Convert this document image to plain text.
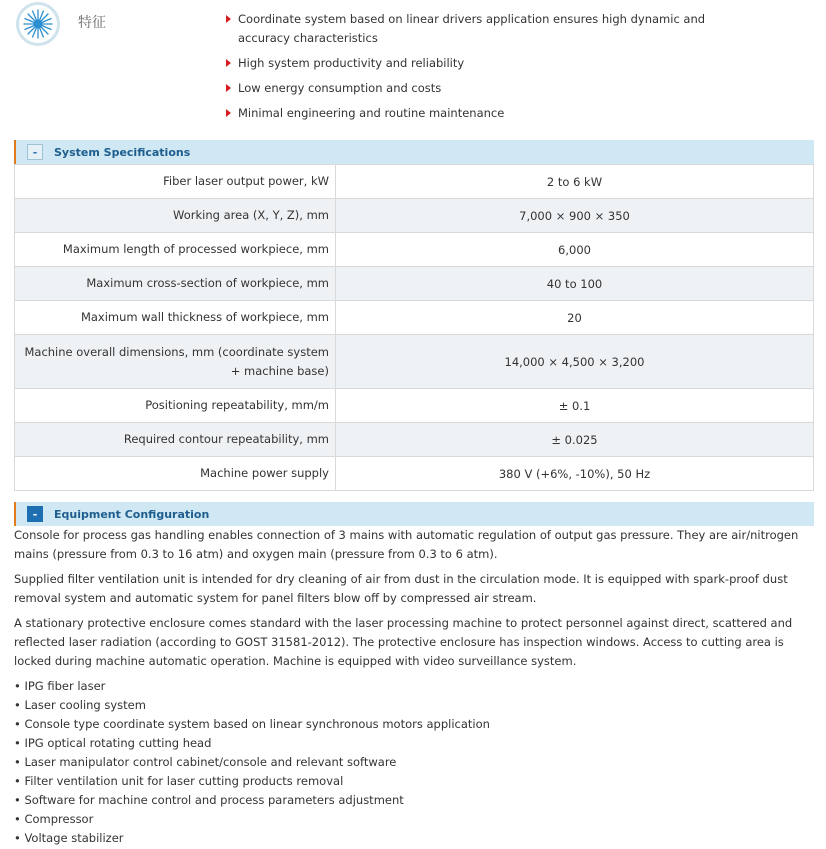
特征	Coordinate system based on linear drivers application ensures high dynamic and accuracy characteristics
High system productivity and reliability
Low energy consumption and costs
Minimal engineering and routine maintenance
-	System Specifications
Fiber laser output power, kW	2 to 6 kW
Working area (X, Y, Z), mm	7,000 × 900 × 350
Maximum length of processed workpiece, mm	6,000
Maximum cross-section of workpiece, mm	40 to 100
Maximum wall thickness of workpiece, mm	20
Machine overall dimensions, mm (coordinate system + machine base)	14,000 × 4,500 × 3,200
Positioning repeatability, mm/m	± 0.1
Required contour repeatability, mm	± 0.025
Machine power supply	380 V (+6%, -10%), 50 Hz
-	Equipment Configuration

Console for process gas handling enables connection of 3 mains with automatic regulation of output gas pressure. They are air/nitrogen mains (pressure from 0.3 to 16 atm) and oxygen main (pressure from 0.3 to 6 atm).

Supplied filter ventilation unit is intended for dry cleaning of air from dust in the circulation mode. It is equipped with spark-proof dust removal system and automatic system for panel filters blow off by compressed air stream.

A stationary protective enclosure comes standard with the laser processing machine to protect personnel against direct, scattered and reflected laser radiation (according to GOST 31581-2012). The protective enclosure has inspection windows. Access to cutting area is locked during machine automatic operation. Machine is equipped with video surveillance system.

• IPG fiber laser
• Laser cooling system
• Console type coordinate system based on linear synchronous motors application
• IPG optical rotating cutting head
• Laser manipulator control cabinet/console and relevant software
• Filter ventilation unit for laser cutting products removal
• Software for machine control and process parameters adjustment
• Compressor
• Voltage stabilizer
